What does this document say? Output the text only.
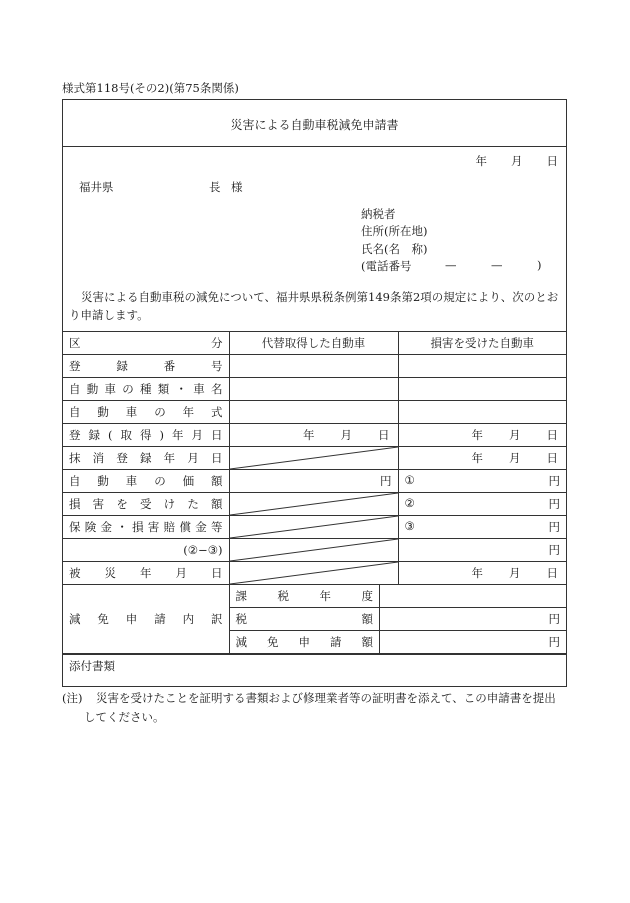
様式第118号(その2)(第75条関係)
災害による自動車税減免申請書
年 月 日
福井県	長 様
納税者
住所(所在地)
氏名(名　称)
(電話番号	—	—	)
災害による自動車税の減免について、福井県県税条例第149条第2項の規定により、次のとおり申請します。
区	分	代替取得した自動車	損害を受けた自動車
登録番号		
自動車の種類・車名		
自動車の年式		
登録(取得)年月日	年 月 日	年 月 日

抹消登録年月日		年 月 日

自動車の価額	円	①	円

損害を受けた額		②	円

保険金・損害賠償金等		③	円

(②−③)		円
被災年月日		年 月 日

減免申請内訳	
課税年度	
税額	円
減免申請額	円
添付書類
(注) 災害を受けたことを証明する書類および修理業者等の証明書を添えて、この申請書を提出
してください。
